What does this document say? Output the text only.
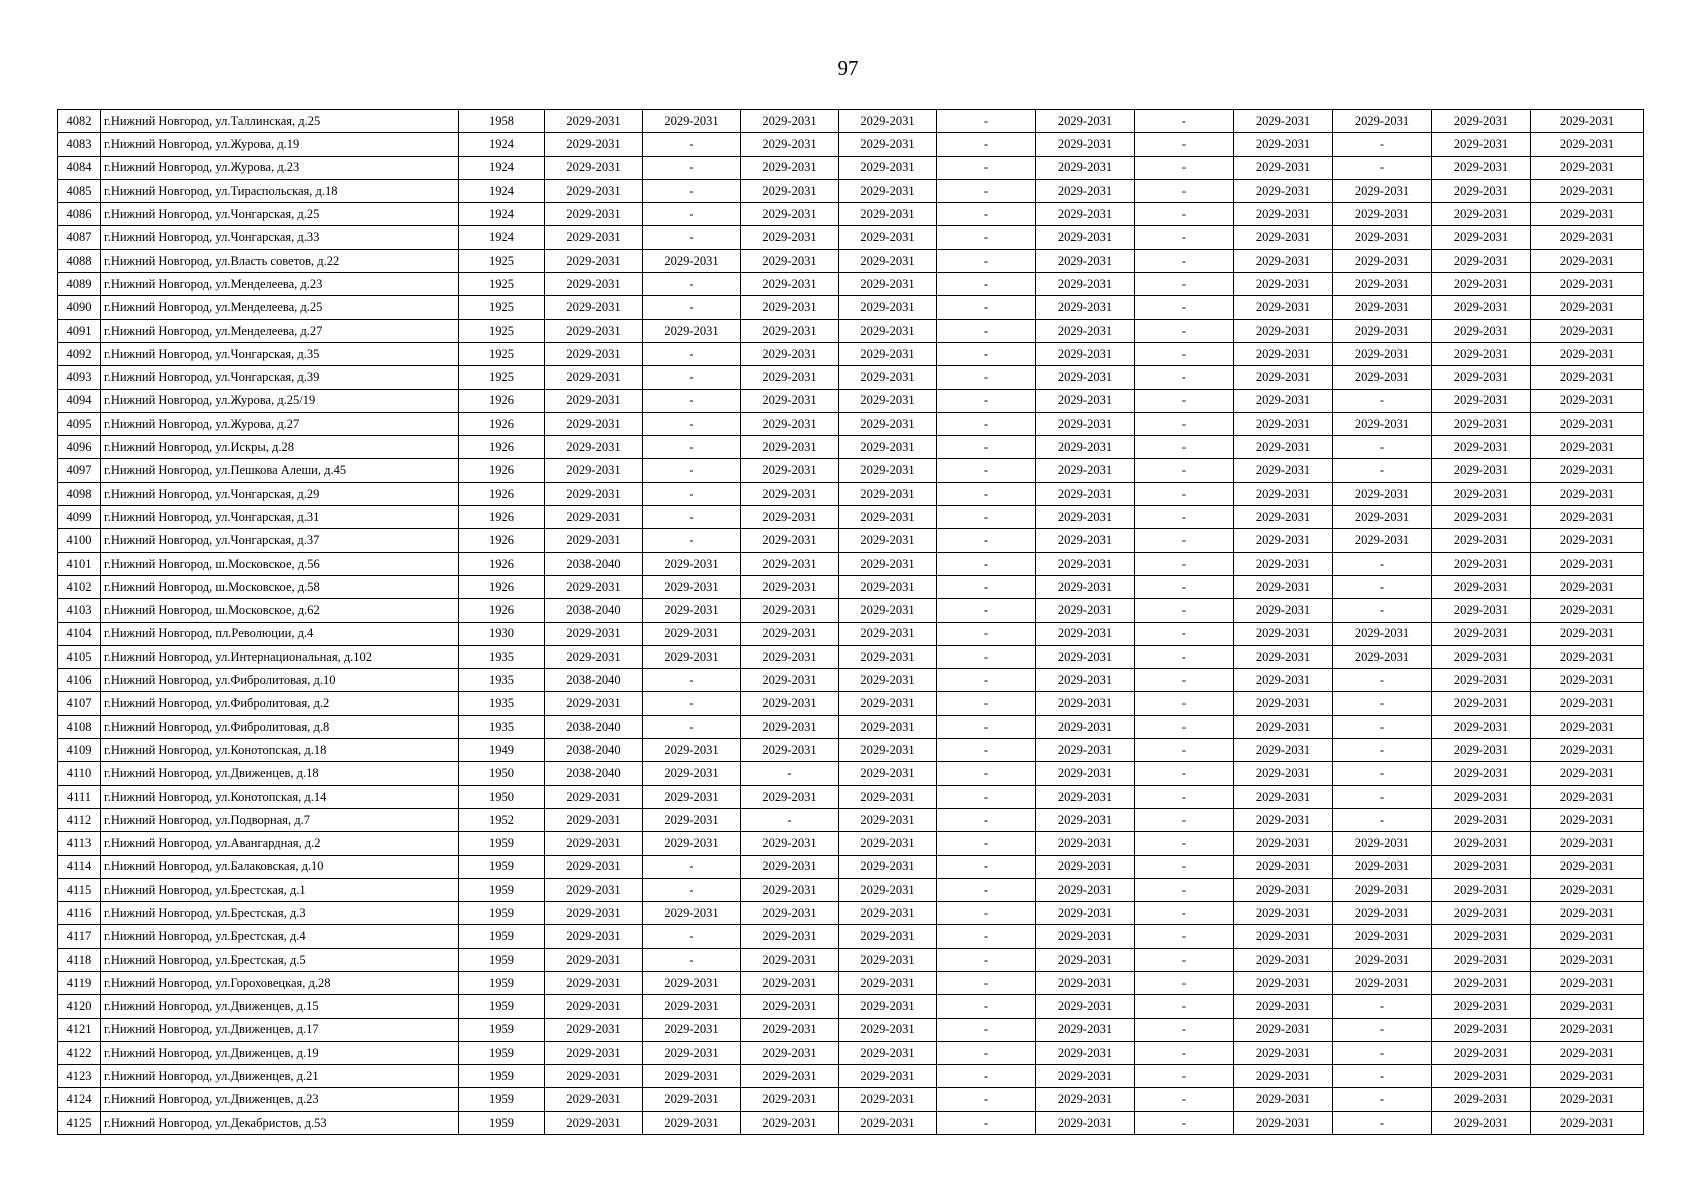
97
4082	г.Нижний Новгород, ул.Таллинская, д.25	1958	2029-2031	2029-2031	2029-2031	2029-2031	-	2029-2031	-	2029-2031	2029-2031	2029-2031	2029-2031
4083	г.Нижний Новгород, ул.Журова, д.19	1924	2029-2031	-	2029-2031	2029-2031	-	2029-2031	-	2029-2031	-	2029-2031	2029-2031
4084	г.Нижний Новгород, ул.Журова, д.23	1924	2029-2031	-	2029-2031	2029-2031	-	2029-2031	-	2029-2031	-	2029-2031	2029-2031
4085	г.Нижний Новгород, ул.Тираспольская, д.18	1924	2029-2031	-	2029-2031	2029-2031	-	2029-2031	-	2029-2031	2029-2031	2029-2031	2029-2031
4086	г.Нижний Новгород, ул.Чонгарская, д.25	1924	2029-2031	-	2029-2031	2029-2031	-	2029-2031	-	2029-2031	2029-2031	2029-2031	2029-2031
4087	г.Нижний Новгород, ул.Чонгарская, д.33	1924	2029-2031	-	2029-2031	2029-2031	-	2029-2031	-	2029-2031	2029-2031	2029-2031	2029-2031
4088	г.Нижний Новгород, ул.Власть советов, д.22	1925	2029-2031	2029-2031	2029-2031	2029-2031	-	2029-2031	-	2029-2031	2029-2031	2029-2031	2029-2031
4089	г.Нижний Новгород, ул.Менделеева, д.23	1925	2029-2031	-	2029-2031	2029-2031	-	2029-2031	-	2029-2031	2029-2031	2029-2031	2029-2031
4090	г.Нижний Новгород, ул.Менделеева, д.25	1925	2029-2031	-	2029-2031	2029-2031	-	2029-2031	-	2029-2031	2029-2031	2029-2031	2029-2031
4091	г.Нижний Новгород, ул.Менделеева, д.27	1925	2029-2031	2029-2031	2029-2031	2029-2031	-	2029-2031	-	2029-2031	2029-2031	2029-2031	2029-2031
4092	г.Нижний Новгород, ул.Чонгарская, д.35	1925	2029-2031	-	2029-2031	2029-2031	-	2029-2031	-	2029-2031	2029-2031	2029-2031	2029-2031
4093	г.Нижний Новгород, ул.Чонгарская, д.39	1925	2029-2031	-	2029-2031	2029-2031	-	2029-2031	-	2029-2031	2029-2031	2029-2031	2029-2031
4094	г.Нижний Новгород, ул.Журова, д.25/19	1926	2029-2031	-	2029-2031	2029-2031	-	2029-2031	-	2029-2031	-	2029-2031	2029-2031
4095	г.Нижний Новгород, ул.Журова, д.27	1926	2029-2031	-	2029-2031	2029-2031	-	2029-2031	-	2029-2031	2029-2031	2029-2031	2029-2031
4096	г.Нижний Новгород, ул.Искры, д.28	1926	2029-2031	-	2029-2031	2029-2031	-	2029-2031	-	2029-2031	-	2029-2031	2029-2031
4097	г.Нижний Новгород, ул.Пешкова Алеши, д.45	1926	2029-2031	-	2029-2031	2029-2031	-	2029-2031	-	2029-2031	-	2029-2031	2029-2031
4098	г.Нижний Новгород, ул.Чонгарская, д.29	1926	2029-2031	-	2029-2031	2029-2031	-	2029-2031	-	2029-2031	2029-2031	2029-2031	2029-2031
4099	г.Нижний Новгород, ул.Чонгарская, д.31	1926	2029-2031	-	2029-2031	2029-2031	-	2029-2031	-	2029-2031	2029-2031	2029-2031	2029-2031
4100	г.Нижний Новгород, ул.Чонгарская, д.37	1926	2029-2031	-	2029-2031	2029-2031	-	2029-2031	-	2029-2031	2029-2031	2029-2031	2029-2031
4101	г.Нижний Новгород, ш.Московское, д.56	1926	2038-2040	2029-2031	2029-2031	2029-2031	-	2029-2031	-	2029-2031	-	2029-2031	2029-2031
4102	г.Нижний Новгород, ш.Московское, д.58	1926	2029-2031	2029-2031	2029-2031	2029-2031	-	2029-2031	-	2029-2031	-	2029-2031	2029-2031
4103	г.Нижний Новгород, ш.Московское, д.62	1926	2038-2040	2029-2031	2029-2031	2029-2031	-	2029-2031	-	2029-2031	-	2029-2031	2029-2031
4104	г.Нижний Новгород, пл.Революции, д.4	1930	2029-2031	2029-2031	2029-2031	2029-2031	-	2029-2031	-	2029-2031	2029-2031	2029-2031	2029-2031
4105	г.Нижний Новгород, ул.Интернациональная, д.102	1935	2029-2031	2029-2031	2029-2031	2029-2031	-	2029-2031	-	2029-2031	2029-2031	2029-2031	2029-2031
4106	г.Нижний Новгород, ул.Фибролитовая, д.10	1935	2038-2040	-	2029-2031	2029-2031	-	2029-2031	-	2029-2031	-	2029-2031	2029-2031
4107	г.Нижний Новгород, ул.Фибролитовая, д.2	1935	2029-2031	-	2029-2031	2029-2031	-	2029-2031	-	2029-2031	-	2029-2031	2029-2031
4108	г.Нижний Новгород, ул.Фибролитовая, д.8	1935	2038-2040	-	2029-2031	2029-2031	-	2029-2031	-	2029-2031	-	2029-2031	2029-2031
4109	г.Нижний Новгород, ул.Конотопская, д.18	1949	2038-2040	2029-2031	2029-2031	2029-2031	-	2029-2031	-	2029-2031	-	2029-2031	2029-2031
4110	г.Нижний Новгород, ул.Движенцев, д.18	1950	2038-2040	2029-2031	-	2029-2031	-	2029-2031	-	2029-2031	-	2029-2031	2029-2031
4111	г.Нижний Новгород, ул.Конотопская, д.14	1950	2029-2031	2029-2031	2029-2031	2029-2031	-	2029-2031	-	2029-2031	-	2029-2031	2029-2031
4112	г.Нижний Новгород, ул.Подворная, д.7	1952	2029-2031	2029-2031	-	2029-2031	-	2029-2031	-	2029-2031	-	2029-2031	2029-2031
4113	г.Нижний Новгород, ул.Авангардная, д.2	1959	2029-2031	2029-2031	2029-2031	2029-2031	-	2029-2031	-	2029-2031	2029-2031	2029-2031	2029-2031
4114	г.Нижний Новгород, ул.Балаковская, д.10	1959	2029-2031	-	2029-2031	2029-2031	-	2029-2031	-	2029-2031	2029-2031	2029-2031	2029-2031
4115	г.Нижний Новгород, ул.Брестская, д.1	1959	2029-2031	-	2029-2031	2029-2031	-	2029-2031	-	2029-2031	2029-2031	2029-2031	2029-2031
4116	г.Нижний Новгород, ул.Брестская, д.3	1959	2029-2031	2029-2031	2029-2031	2029-2031	-	2029-2031	-	2029-2031	2029-2031	2029-2031	2029-2031
4117	г.Нижний Новгород, ул.Брестская, д.4	1959	2029-2031	-	2029-2031	2029-2031	-	2029-2031	-	2029-2031	2029-2031	2029-2031	2029-2031
4118	г.Нижний Новгород, ул.Брестская, д.5	1959	2029-2031	-	2029-2031	2029-2031	-	2029-2031	-	2029-2031	2029-2031	2029-2031	2029-2031
4119	г.Нижний Новгород, ул.Гороховецкая, д.28	1959	2029-2031	2029-2031	2029-2031	2029-2031	-	2029-2031	-	2029-2031	2029-2031	2029-2031	2029-2031
4120	г.Нижний Новгород, ул.Движенцев, д.15	1959	2029-2031	2029-2031	2029-2031	2029-2031	-	2029-2031	-	2029-2031	-	2029-2031	2029-2031
4121	г.Нижний Новгород, ул.Движенцев, д.17	1959	2029-2031	2029-2031	2029-2031	2029-2031	-	2029-2031	-	2029-2031	-	2029-2031	2029-2031
4122	г.Нижний Новгород, ул.Движенцев, д.19	1959	2029-2031	2029-2031	2029-2031	2029-2031	-	2029-2031	-	2029-2031	-	2029-2031	2029-2031
4123	г.Нижний Новгород, ул.Движенцев, д.21	1959	2029-2031	2029-2031	2029-2031	2029-2031	-	2029-2031	-	2029-2031	-	2029-2031	2029-2031
4124	г.Нижний Новгород, ул.Движенцев, д.23	1959	2029-2031	2029-2031	2029-2031	2029-2031	-	2029-2031	-	2029-2031	-	2029-2031	2029-2031
4125	г.Нижний Новгород, ул.Декабристов, д.53	1959	2029-2031	2029-2031	2029-2031	2029-2031	-	2029-2031	-	2029-2031	-	2029-2031	2029-2031
